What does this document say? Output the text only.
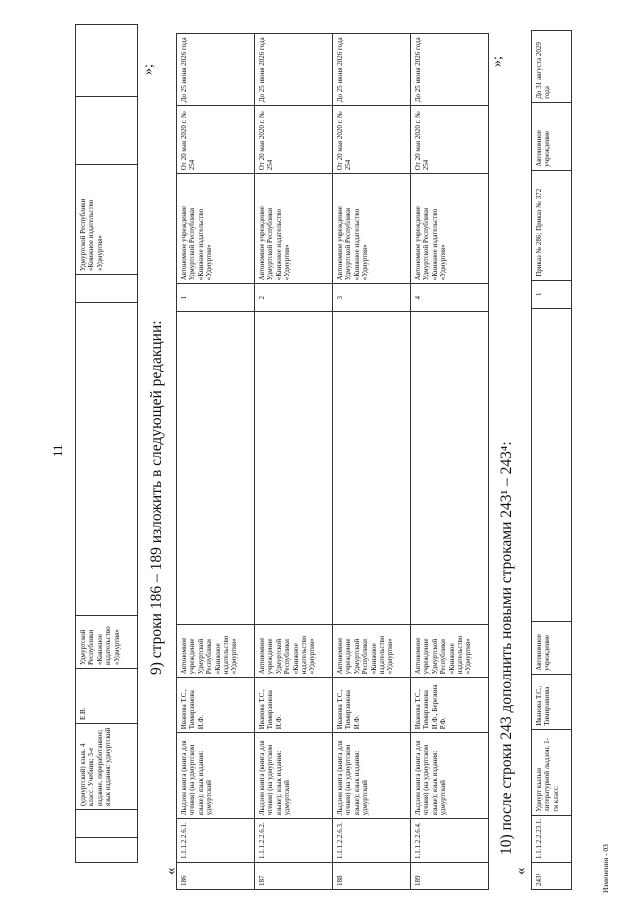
11
		(удмуртский) язык. 4 класс. Учебник; 3-е издание, переработанное; язык издания: удмуртский	Е.В.	Удмуртской Республики «Книжное издательство «Удмуртия»			Удмуртской Республики «Книжное издательство «Удмуртия»		
»;
9) строки 186 – 189 изложить в следующей редакции:
«
186	1.1.1.2.2.6.1.	Лыдзон книга (книга для чтения) (на удмуртском языке); язык издания: удмуртский	Иванова Т.С., Тимирзянова И.Ф.	Автономное учреждение Удмуртской Республики «Книжное издательство «Удмуртия»		1	Автономное учреждение Удмуртской Республики «Книжное издательство «Удмуртия»	От 20 мая 2020 г. № 254	До 25 июня 2026 года
187	1.1.1.2.2.6.2.	Лыдзон книга (книга для чтения) (на удмуртском языке); язык издания: удмуртский	Иванова Т.С., Тимирзянова И.Ф.	Автономное учреждение Удмуртской Республики «Книжное издательство «Удмуртия»		2	Автономное учреждение Удмуртской Республики «Книжное издательство «Удмуртия»	От 20 мая 2020 г. № 254	До 25 июня 2026 года
188	1.1.1.2.2.6.3.	Лыдзон книга (книга для чтения) (на удмуртском языке); язык издания: удмуртский	Иванова Т.С., Тимирзянова И.Ф.	Автономное учреждение Удмуртской Республики «Книжное издательство «Удмуртия»		3	Автономное учреждение Удмуртской Республики «Книжное издательство «Удмуртия»	От 20 мая 2020 г. № 254	До 25 июня 2026 года
189	1.1.1.2.2.6.4.	Лыдзон книга (книга для чтения) (на удмуртском языке); язык издания: удмуртский	Иванова Т.С., Тимирзянова И.Ф., Березина Р.Ф.	Автономное учреждение Удмуртской Республики «Книжное издательство «Удмуртия»		4	Автономное учреждение Удмуртской Республики «Книжное издательство «Удмуртия»	От 20 мая 2020 г. № 254	До 25 июня 2026 года	»;
10) после строки 243 дополнить новыми строками 243¹ – 243⁴:
«
243¹	1.1.1.2.2.23.1.	Удмурт кылын литературной лыдзон. 1-ти класс.	Иванова Т.С., Тимирзянова	Автономное учреждение		1	Приказ № 286; Приказ № 372	Автономное учреждение	До 31 августа 2029 года
Изменения - 03
